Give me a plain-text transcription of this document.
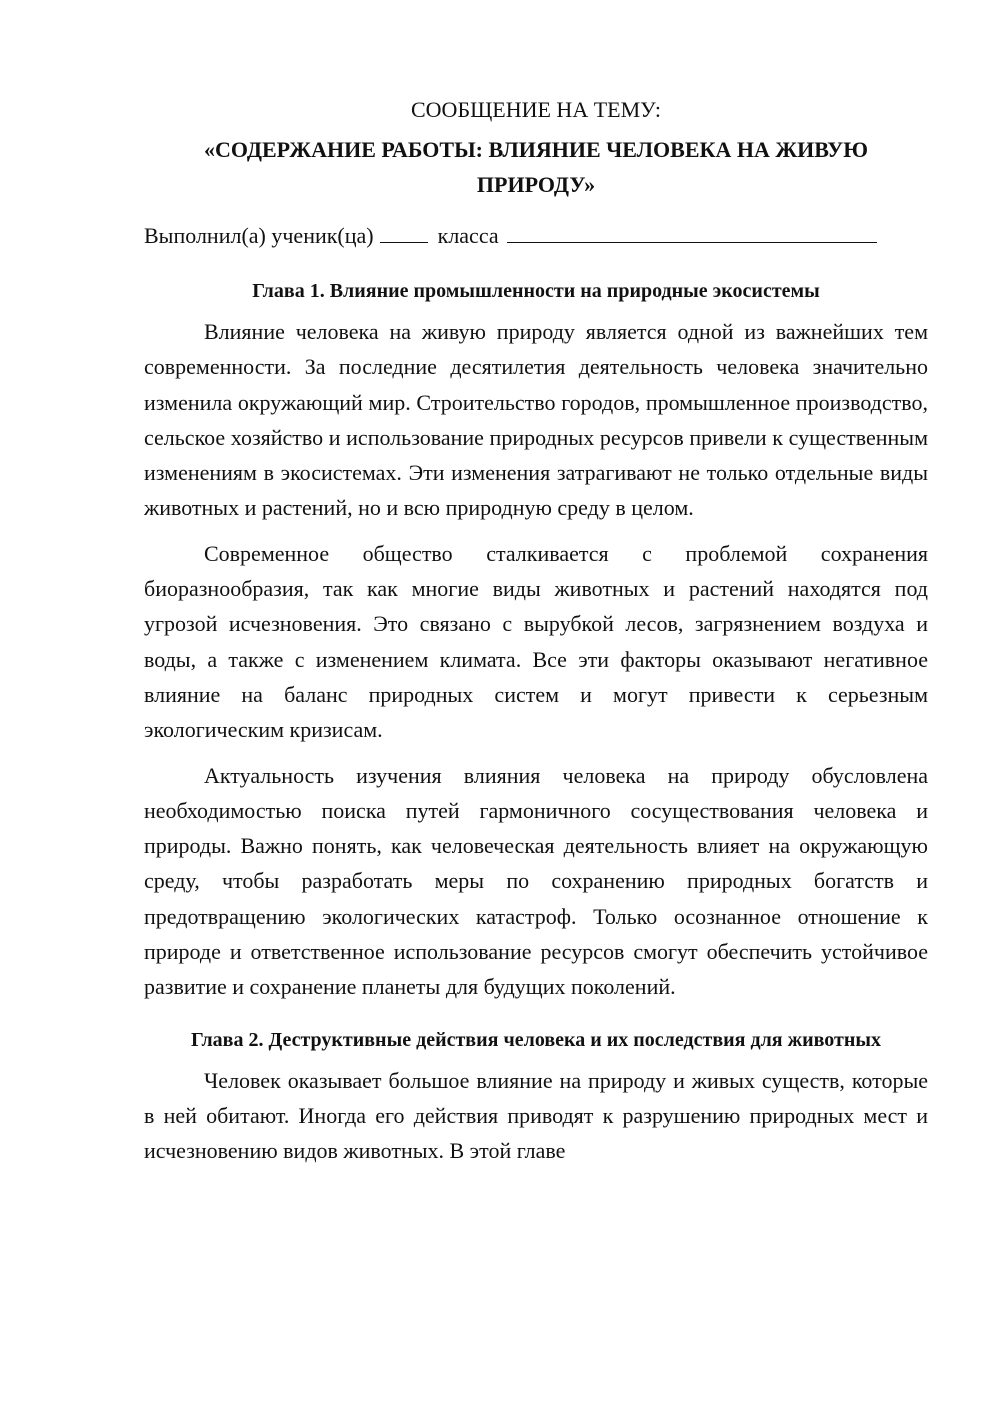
СООБЩЕНИЕ НА ТЕМУ:
«СОДЕРЖАНИЕ РАБОТЫ: ВЛИЯНИЕ ЧЕЛОВЕКА НА ЖИВУЮ ПРИРОДУ»
Выполнил(а) ученик(ца)	класса
Глава 1. Влияние промышленности на природные экосистемы

Влияние человека на живую природу является одной из важнейших тем современности. За последние десятилетия деятельность человека значительно изменила окружающий мир. Строительство городов, промышленное производство, сельское хозяйство и использование природных ресурсов привели к существенным изменениям в экосистемах. Эти изменения затрагивают не только отдельные виды животных и растений, но и всю природную среду в целом.

Современное общество сталкивается с проблемой сохранения биоразнообразия, так как многие виды животных и растений находятся под угрозой исчезновения. Это связано с вырубкой лесов, загрязнением воздуха и воды, а также с изменением климата. Все эти факторы оказывают негативное влияние на баланс природных систем и могут привести к серьезным экологическим кризисам.

Актуальность изучения влияния человека на природу обусловлена необходимостью поиска путей гармоничного сосуществования человека и природы. Важно понять, как человеческая деятельность влияет на окружающую среду, чтобы разработать меры по сохранению природных богатств и предотвращению экологических катастроф. Только осознанное отношение к природе и ответственное использование ресурсов смогут обеспечить устойчивое развитие и сохранение планеты для будущих поколений.

Глава 2. Деструктивные действия человека и их последствия для животных

Человек оказывает большое влияние на природу и живых существ, которые в ней обитают. Иногда его действия приводят к разрушению природных мест и исчезновению видов животных. В этой главе
